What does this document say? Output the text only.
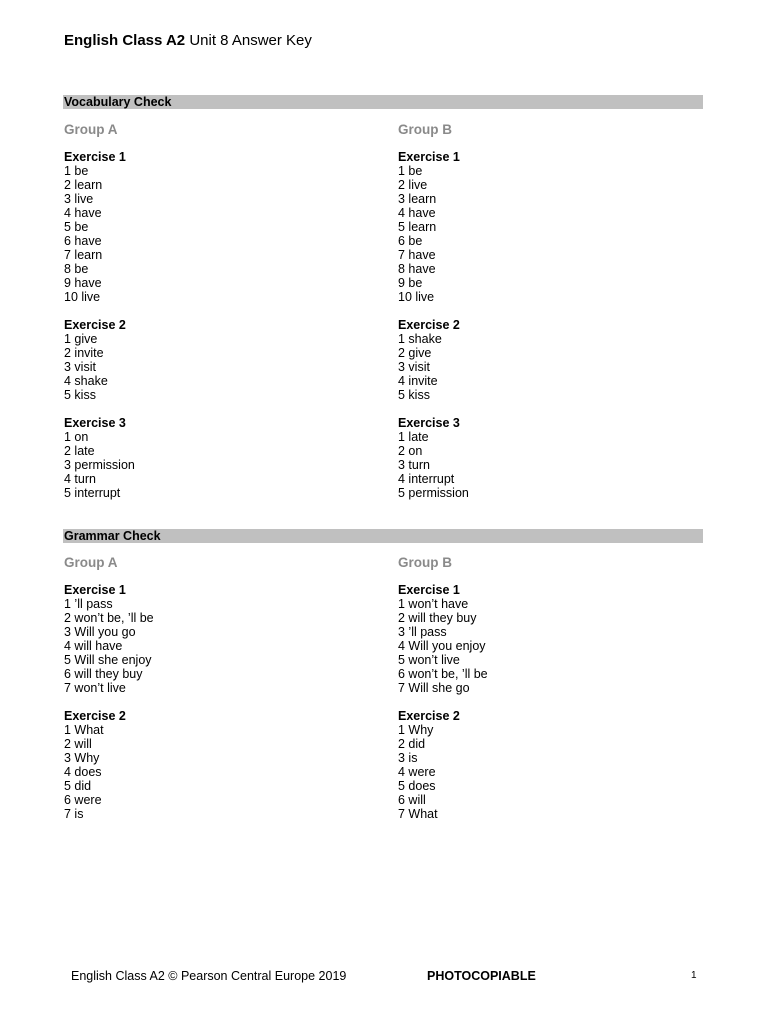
English Class A2 Unit 8 Answer Key
Vocabulary Check
Group A
Exercise 1
1 be
2 learn
3 live
4 have
5 be
6 have
7 learn
8 be
9 have
10 live
Exercise 2
1 give
2 invite
3 visit
4 shake
5 kiss
Exercise 3
1 on
2 late
3 permission
4 turn
5 interrupt
Group B
Exercise 1
1 be
2 live
3 learn
4 have
5 learn
6 be
7 have
8 have
9 be
10 live
Exercise 2
1 shake
2 give
3 visit
4 invite
5 kiss
Exercise 3
1 late
2 on
3 turn
4 interrupt
5 permission
Grammar Check
Group A
Exercise 1
1 ’ll pass
2 won’t be, ’ll be
3 Will you go
4 will have
5 Will she enjoy
6 will they buy
7 won’t live
Exercise 2
1 What
2 will
3 Why
4 does
5 did
6 were
7 is
Group B
Exercise 1
1 won’t have
2 will they buy
3 ’ll pass
4 Will you enjoy
5 won’t live
6 won’t be, ’ll be
7 Will she go
Exercise 2
1 Why
2 did
3 is
4 were
5 does
6 will
7 What
English Class A2 © Pearson Central Europe 2019	PHOTOCOPIABLE	1
